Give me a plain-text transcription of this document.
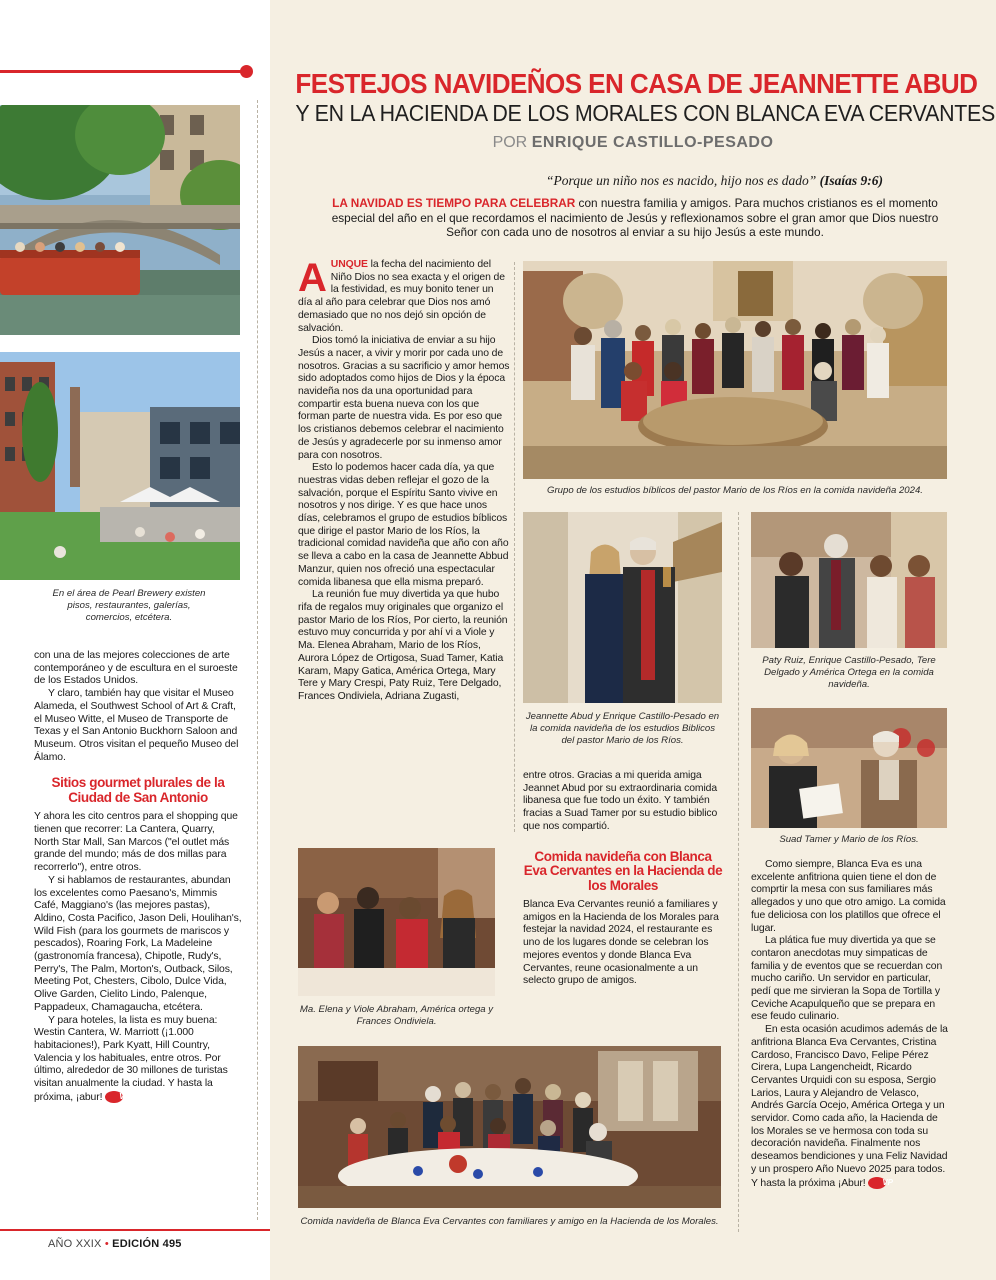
En el área de Pearl Brewery existen pisos, restaurantes, galerías, comercios, etcétera.

con una de las mejores colecciones de arte contemporáneo y de escultura en el suroeste de los Estados Unidos.

Y claro, también hay que visitar el Museo Alameda, el Southwest School of Art & Craft, el Museo Witte, el Museo de Transporte de Texas y el San Antonio Buckhorn Saloon and Museum. Otros visitan el pequeño Museo del Álamo.

Sitios gourmet plurales de la Ciudad de San Antonio

Y ahora les cito centros para el shopping que tienen que recorrer: La Cantera, Quarry, North Star Mall, San Marcos ("el outlet más grande del mundo; más de dos millas para recorrerlo"), entre otros.

Y si hablamos de restaurantes, abundan los excelentes como Paesano's, Mimmis Café, Maggiano's (las mejores pastas), Aldino, Costa Pacifico, Jason Deli, Houlihan's, Wild Fish (para los gourmets de mariscos y pescados), Roaring Fork, La Madeleine (gastronomía francesa), Chipotle, Rudy's, Perry's, The Palm, Morton's, Outback, Silos, Meeting Pot, Chesters, Cibolo, Dulce Vida, Olive Garden, Cielito Lindo, Palenque, Pappadeux, Chamagaucha, etcétera.

Y para hoteles, la lista es muy buena: Westin Cantera, W. Marriott (¡1.000 habitaciones!), Park Kyatt, Hill Country, Valencia y los habituales, entre otros. Por último, alrededor de 30 millones de turistas visitan anualmente la ciudad. Y hasta la próxima, ¡abur! VP

AÑO XXIX • EDICIÓN 495
FESTEJOS NAVIDEÑOS EN CASA DE JEANNETTE ABUD
Y EN LA HACIENDA DE LOS MORALES CON BLANCA EVA CERVANTES
POR ENRIQUE CASTILLO-PESADO
“Porque un niño nos es nacido, hijo nos es dado” (Isaías 9:6)
LA NAVIDAD ES TIEMPO PARA CELEBRAR con nuestra familia y amigos. Para muchos cristianos es el momento especial del año en el que recordamos el nacimiento de Jesús y reflexionamos sobre el gran amor que Dios nuestro Señor con cada uno de nosotros al enviar a su hijo Jesús a este mundo.

AUNQUE la fecha del nacimiento del Niño Dios no sea exacta y el origen de la festividad, es muy bonito tener un día al año para celebrar que Dios nos amó demasiado que no nos dejó sin opción de salvación.

Dios tomó la iniciativa de enviar a su hijo Jesús a nacer, a vivir y morir por cada uno de nosotros. Gracias a su sacrificio y amor hemos sido adoptados como hijos de Dios y la época navideña nos da una oportunidad para compartir esta buena nueva con los que forman parte de nuestra vida. Es por eso que los cristianos debemos celebrar el nacimiento de Jesús y agradecerle por su inmenso amor para con nosotros.

Esto lo podemos hacer cada día, ya que nuestras vidas deben reflejar el gozo de la salvación, porque el Espíritu Santo vivive en nosotros y nos dirige. Y es que hace unos días, celebramos el grupo de estudios bíblicos que dirige el pastor Mario de los Ríos, la tradicional comidad navideña que año con año se lleva a cabo en la casa de Jeannette Abbud Manzur, quien nos ofreció una espectacular comida libanesa que ella misma preparó.

La reunión fue muy divertida ya que hubo rifa de regalos muy originales que organizo el pastor Mario de los Ríos, Por cierto, la reunión estuvo muy concurrida y por ahí vi a Viole y Ma. Elenea Abraham, Mario de los Ríos, Aurora López de Ortigosa, Suad Tamer, Katia Karam, Mapy Gatica, América Ortega, Mary Tere y Mary Crespi, Paty Ruiz, Tere Delgado, Frances Ondiviela, Adriana Zugasti,

Grupo de los estudios bíblicos del pastor Mario de los Ríos en la comida navideña 2024.
Jeannette Abud y Enrique Castillo-Pesado en la comida navideña de los estudios Biblicos del pastor Mario de los Ríos.

entre otros. Gracias a mi querida amiga Jeannet Abud por su extraordinaria comida libanesa que fue todo un éxito. Y también fracias a Suad Tamer por su estudio biblico que nos compartió.

Comida navideña con Blanca Eva Cervantes en la Hacienda de los Morales

Blanca Eva Cervantes reunió a familiares y amigos en la Hacienda de los Morales para festejar la navidad 2024, el restaurante es uno de los lugares donde se celebran los mejores eventos y donde Blanca Eva Cervantes, reune ocasionalmente a un selecto grupo de amigos.

Paty Ruiz, Enrique Castillo-Pesado, Tere Delgado y América Ortega en la comida navideña.
Suad Tamer y Mario de los Ríos.

Como siempre, Blanca Eva es una excelente anfitriona quien tiene el don de comprtir la mesa con sus familiares más allegados y uno que otro amigo. La comida fue deliciosa con los platillos que ofrece el lugar.

La plática fue muy divertida ya que se contaron anecdotas muy simpaticas de familia y de eventos que se recuerdan con mucho cariño. Un servidor en particular, pedí que me sirvieran la Sopa de Tortilla y Ceviche Acapulqueño que se prepara en ese feudo culinario.

En esta ocasión acudimos además de la anfitriona Blanca Eva Cervantes, Cristina Cardoso, Francisco Davo, Felipe Pérez Cirera, Lupa Langencheidt, Ricardo Cervantes Urquidi con su esposa, Sergio Larios, Laura y Alejandro de Velasco, Andrés García Ocejo, América Ortega y un servidor. Como cada año, la Hacienda de los Morales se ve hermosa con toda su decoración navideña. Finalmente nos deseamos bendiciones y una Feliz Navidad y un prospero Año Nuevo 2025 para todos. Y hasta la próxima ¡Abur! VP

Ma. Elena y Viole Abraham, América ortega y Frances Ondiviela.
Comida navideña de Blanca Eva Cervantes con familiares y amigo en la Hacienda de los Morales.
